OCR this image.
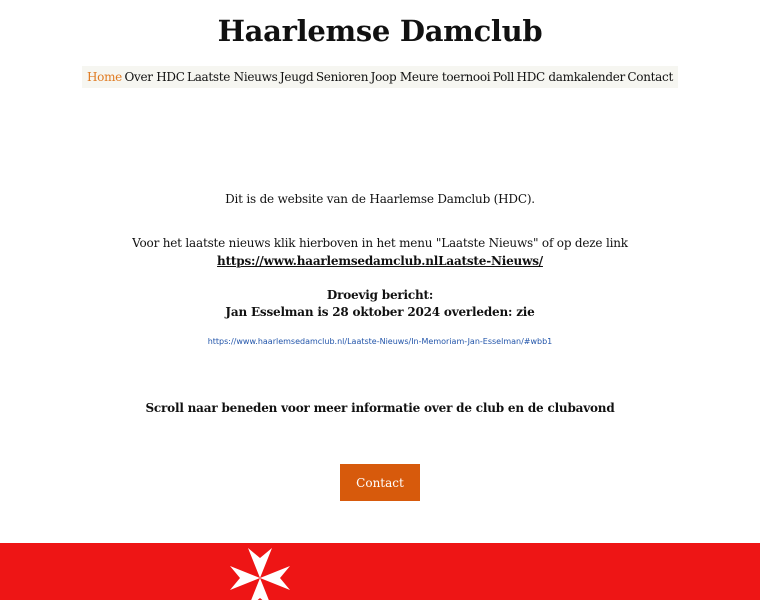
Haarlemse Damclub
Home Over HDC Laatste Nieuws Jeugd Senioren Joop Meure toernooi Poll HDC damkalender Contact

Dit is de website van de Haarlemse Damclub (HDC).

Voor het laatste nieuws klik hierboven in het menu "Laatste Nieuws" of op deze link

https://www.haarlemsedamclub.nlLaatste-Nieuws/

Droevig bericht:

Jan Esselman is 28 oktober 2024 overleden: zie

https://www.haarlemsedamclub.nl/Laatste-Nieuws/In-Memoriam-Jan-Esselman/#wbb1

Scroll naar beneden voor meer informatie over de club en de clubavond

Contact
